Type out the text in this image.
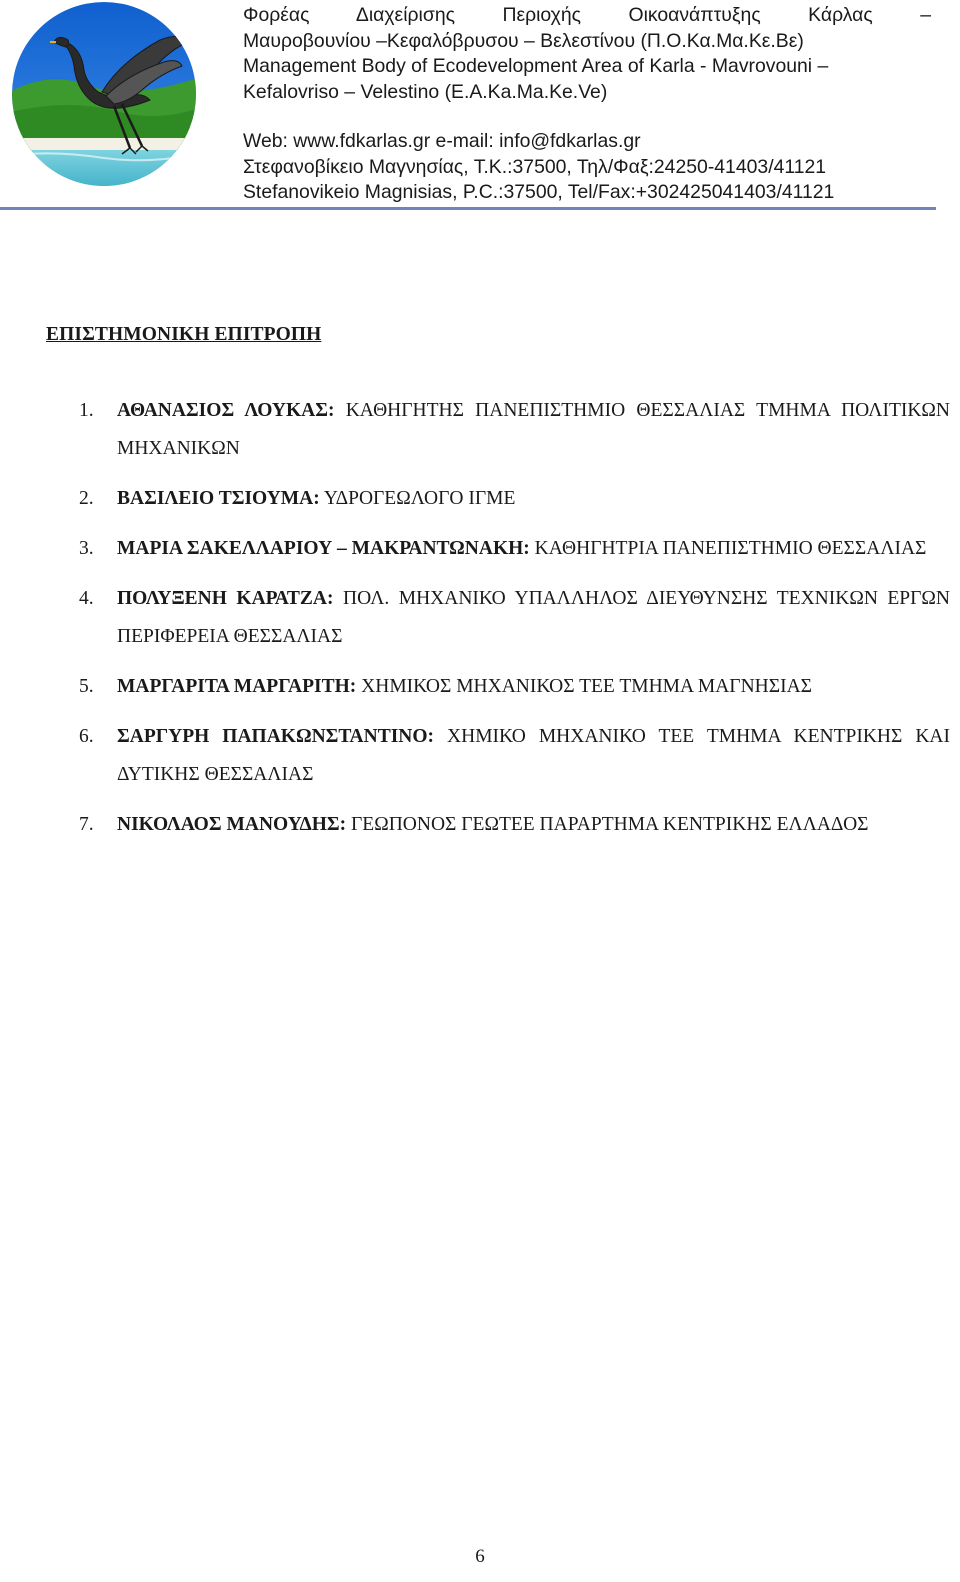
Φορέας Διαχείρισης Περιοχής Οικοανάπτυξης Κάρλας –
Μαυροβουνίου –Κεφαλόβρυσου – Βελεστίνου (Π.Ο.Κα.Μα.Κε.Βε)
Management Body of Ecodevelopment Area of Karla - Mavrovouni –
Kefalovriso – Velestino (E.A.Ka.Ma.Ke.Ve)
Web: www.fdkarlas.gr e-mail: info@fdkarlas.gr
Στεφανοβίκειο Μαγνησίας, Τ.Κ.:37500, Τηλ/Φαξ:24250-41403/41121
Stefanovikeio Magnisias, P.C.:37500, Tel/Fax:+302425041403/41121
ΕΠΙΣΤΗΜΟΝΙΚΗ ΕΠΙΤΡΟΠΗ
1. ΑΘΑΝΑΣΙΟΣ ΛΟΥΚΑΣ: ΚΑΘΗΓΗΤΗΣ ΠΑΝΕΠΙΣΤΗΜΙΟ ΘΕΣΣΑΛΙΑΣ ΤΜΗΜΑ ΠΟΛΙΤΙΚΩΝ ΜΗΧΑΝΙΚΩΝ
2. ΒΑΣΙΛΕΙΟ ΤΣΙΟΥΜΑ: ΥΔΡΟΓΕΩΛΟΓΟ ΙΓΜΕ
3. ΜΑΡΙΑ ΣΑΚΕΛΛΑΡΙΟΥ – ΜΑΚΡΑΝΤΩΝΑΚΗ: ΚΑΘΗΓΗΤΡΙΑ ΠΑΝΕΠΙΣΤΗΜΙΟ ΘΕΣΣΑΛΙΑΣ
4. ΠΟΛΥΞΕΝΗ ΚΑΡΑΤΖΑ: ΠΟΛ. ΜΗΧΑΝΙΚΟ ΥΠΑΛΛΗΛΟΣ ΔΙΕΥΘΥΝΣΗΣ ΤΕΧΝΙΚΩΝ ΕΡΓΩΝ ΠΕΡΙΦΕΡΕΙΑ ΘΕΣΣΑΛΙΑΣ
5. ΜΑΡΓΑΡΙΤΑ ΜΑΡΓΑΡΙΤΗ: ΧΗΜΙΚΟΣ ΜΗΧΑΝΙΚΟΣ ΤΕΕ ΤΜΗΜΑ ΜΑΓΝΗΣΙΑΣ
6. ΣΑΡΓΥΡΗ ΠΑΠΑΚΩΝΣΤΑΝΤΙΝΟ: ΧΗΜΙΚΟ ΜΗΧΑΝΙΚΟ ΤΕΕ ΤΜΗΜΑ ΚΕΝΤΡΙΚΗΣ ΚΑΙ ΔΥΤΙΚΗΣ ΘΕΣΣΑΛΙΑΣ
7. ΝΙΚΟΛΑΟΣ ΜΑΝΟΥΔΗΣ: ΓΕΩΠΟΝΟΣ ΓΕΩΤΕΕ ΠΑΡΑΡΤΗΜΑ ΚΕΝΤΡΙΚΗΣ ΕΛΛΑΔΟΣ
6
